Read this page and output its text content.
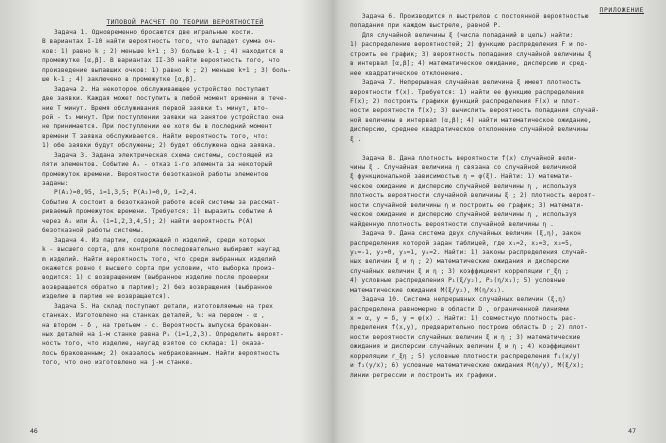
ТИПОВОЙ РАСЧЕТ ПО ТЕОРИИ ВЕРОЯТНОСТЕЙ
Задача 1. Одновременно бросаются две игральные кости.
В вариантах I-10 найти вероятность того, что выпадет сумма оч-
ков: 1) равно k ; 2) меньше k+1 ; 3) больше k-1 ; 4) находится в
промежутке [α,β]. В вариантах II-30 найти вероятность того, что
произведение выпавших очков: 1) равно k ; 2) меньше k+1 ; 3) боль-
ше k-1 ; 4) заключено в промежутке [α,β].
Задача 2. На некоторое обслуживающее устройство поступают
две заявки. Каждая может поступить в любой момент времени в тече-
ние T минут. Время обслуживания первой заявки t₁ минут, вто-
рой - t₂ минут. При поступлении заявки на занятое устройство она
не принимается. При поступлении ее хотя бы в последний момент
времени T заявка обслуживается. Найти вероятность того, что:
1) обе заявки будут обслужены; 2) будет обслужена одна заявка.
Задача 3. Задана электрическая схема системы, состоящей из
пяти элементов. Событие Aᵢ - отказ i-го элемента за некоторый
промежуток времени. Вероятности безотказной работы элементов
заданы:
P(A₁)=0,95, i=1,3,5; P(A₂)=0,9, i=2,4.
Событие A состоит в безотказной работе всей системы за рассмат-
риваемый промежуток времени. Требуется: 1) выразить событие A
через Aᵢ или Āᵢ (i=1,2,3,4,5); 2) найти вероятность P(A)
безотказной работы системы.
Задача 4. Из партии, содержащей n изделий, среди которых
k - высшего сорта, для контроля последовательно выбирают наугад
m изделий. Найти вероятность того, что среди выбранных изделий
окажется ровно ℓ высшего сорта при условии, что выборка произ-
водится: 1) с возвращением (выбранное изделие после проверки
возвращается обратно в партию); 2) без возвращения (выбранное
изделие в партию не возвращается).
Задача 5. На склад поступают детали, изготовляемые на трех
станках. Изготовлено на станках деталей, %: на первом - α ,
на втором - δ , на третьем - c. Вероятность выпуска бракован-
ных деталей на i-м станке равна Pᵢ (i=1,2,3). Определить вероят-
ность того, что изделие, наугад взятое со склада: 1) оказа-
лось бракованным; 2) оказалось небракованным. Найти вероятность
того, что оно изготовлено на j-м станке.
46
ПРИЛОЖЕНИЕ
Задача 6. Производится n выстрелов с постоянной вероятностью
попадания при каждом выстреле, равной P.
Для случайной величины ξ (числа попаданий в цель) найти:
1) распределение вероятностей; 2) функцию распределения F и по-
строить ее график; 3) вероятность попадания случайной величины ξ
в интервал [α,β]; 4) математическое ожидание, дисперсию и сред-
нее квадратическое отклонение.
Задача 7. Непрерывная случайная величина ξ имеет плотность
вероятности f(x). Требуется: 1) найти ее функцию распределения
F(x); 2) построить графики функций распределения F(x) и плот-
ности вероятности f(x); 3) вычислить вероятность попадания случай-
ной величины в интервал (α,β); 4) найти математическое ожидание,
дисперсию, среднее квадратическое отклонение случайной величины
ξ .
Задача 8. Дана плотность вероятности f(x) случайной вели-
чины ξ . Случайная величина η связана со случайной величиной
ξ функциональной зависимостью η = φ(ξ). Найти: 1) математи-
ческое ожидание и дисперсию случайной величины η , используя
плотность вероятности случайной величины ξ ; 2) плотность вероят-
ности случайной величины η и построить ее график; 3) математи-
ческое ожидание и дисперсию случайной величины η , используя
найденную плотность вероятности случайной величины η .
Задача 9. Дана система двух случайных величин (ξ,η), закон
распределения которой задан таблицей, где x₁=2, x₂=3, x₃=5,
y₁=-1, y₂=0, y₃=1, y₄=2. Найти: 1) законы распределения случай-
ных величин ξ и η ; 2) математические ожидания и дисперсии
случайных величин ξ и η ; 3) коэффициент корреляции r_ξη ;
4) условные распределения P₁(ξ/y₂), P₂(η/x₁); 5) условные
математические ожидания M(ξ/y₂), M(η/x₁).
Задача 10. Система непрерывных случайных величин (ξ,η)
распределена равномерно в области D , ограниченной линиями
x = α, y = δ, y = φ(x) . Найти: 1) совместную плотность рас-
пределения f(x,y), предварительно построив область D ; 2) плот-
ности вероятности случайных величин ξ и η ; 3) математические
ожидания и дисперсии случайных величин ξ и η ; 4) коэффициент
корреляции r_ξη ; 5) условные плотности распределения f₁(x/y)
и f₂(y/x); 6) условные математические ожидания M(η/y), M(ξ/x);
линии регрессии и построить их графики.
47
